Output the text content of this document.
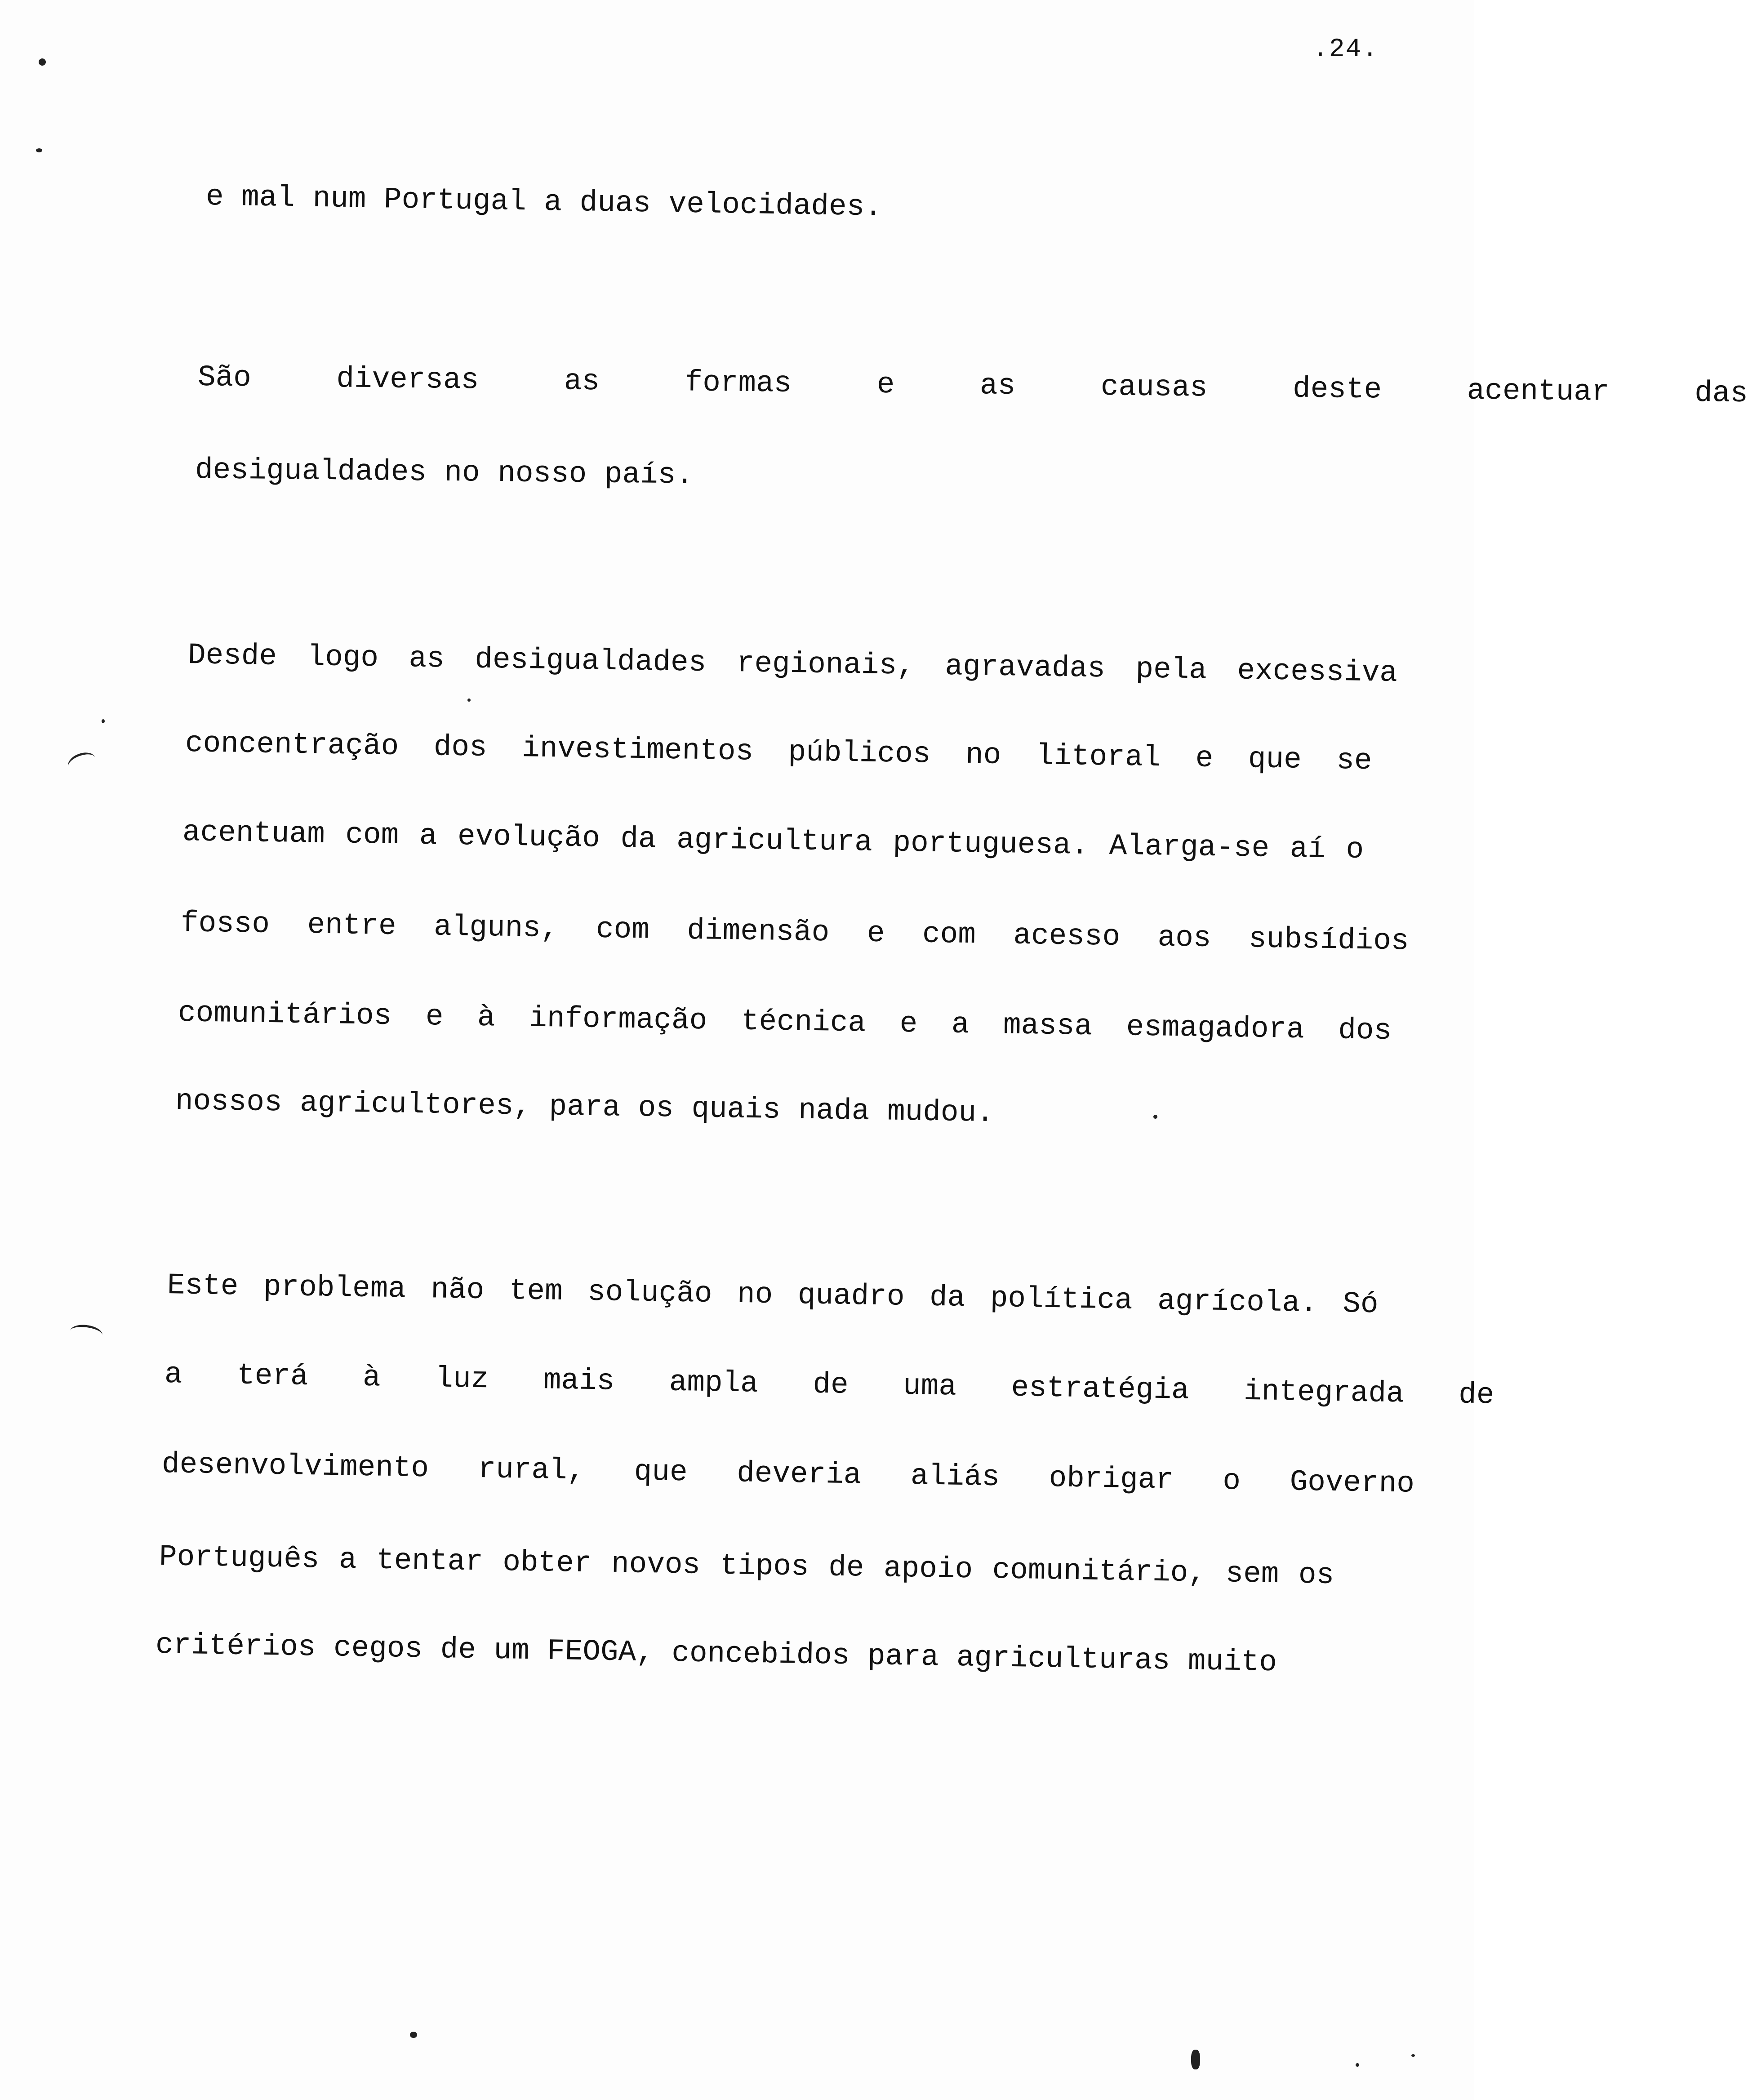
.24.
e mal num Portugal a duas velocidades.
São diversas as formas e as causas deste acentuar das
desigualdades no nosso país.
Desde logo as desigualdades regionais, agravadas pela excessiva
concentração dos investimentos públicos no litoral e que se
acentuam com a evolução da agricultura portuguesa. Alarga-se aí o
fosso entre alguns, com dimensão e com acesso aos subsídios
comunitários e à informação técnica e a massa esmagadora dos
nossos agricultores, para os quais nada mudou.
Este problema não tem solução no quadro da política agrícola. Só
a terá à luz mais ampla de uma estratégia integrada de
desenvolvimento rural, que deveria aliás obrigar o Governo
Português a tentar obter novos tipos de apoio comunitário, sem os
critérios cegos de um FEOGA, concebidos para agriculturas muito
